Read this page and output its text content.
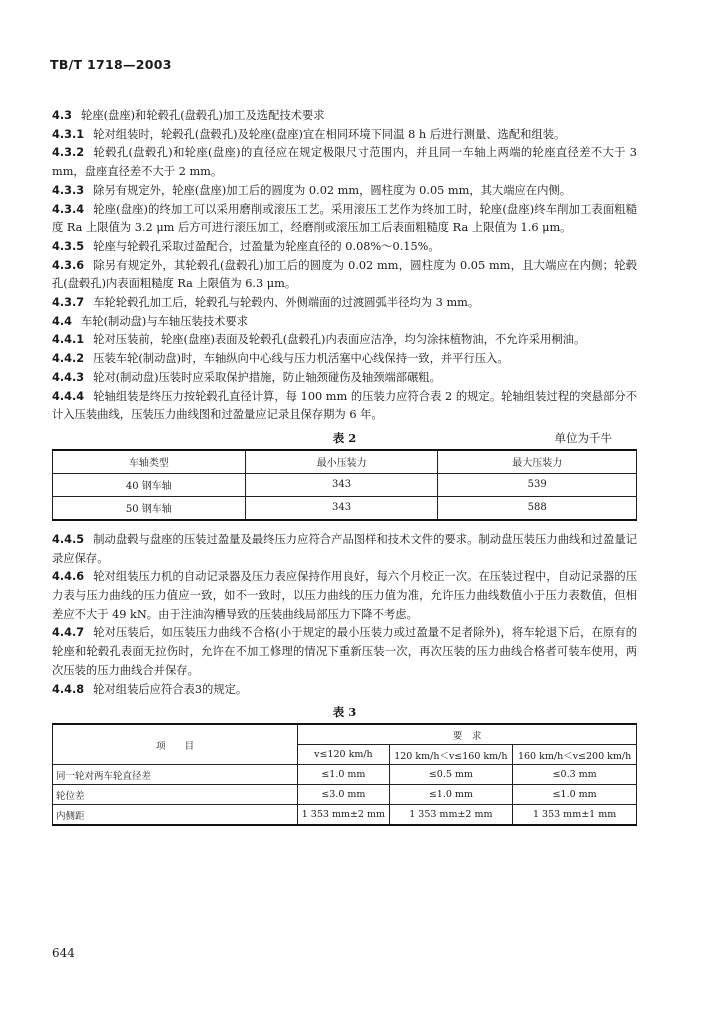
TB/T 1718—2003

4.3 轮座(盘座)和轮毂孔(盘毂孔)加工及选配技术要求

4.3.1 轮对组装时，轮毂孔(盘毂孔)及轮座(盘座)宜在相同环境下同温 8 h 后进行测量、选配和组装。

4.3.2 轮毂孔(盘毂孔)和轮座(盘座)的直径应在规定极限尺寸范围内，并且同一车轴上两端的轮座直径差不大于 3 mm，盘座直径差不大于 2 mm。

4.3.3 除另有规定外，轮座(盘座)加工后的圆度为 0.02 mm，圆柱度为 0.05 mm，其大端应在内侧。

4.3.4 轮座(盘座)的终加工可以采用磨削或滚压工艺。采用滚压工艺作为终加工时，轮座(盘座)终车削加工表面粗糙度 Ra 上限值为 3.2 μm 后方可进行滚压加工，经磨削或滚压加工后表面粗糙度 Ra 上限值为 1.6 μm。

4.3.5 轮座与轮毂孔采取过盈配合，过盈量为轮座直径的 0.08%～0.15%。

4.3.6 除另有规定外，其轮毂孔(盘毂孔)加工后的圆度为 0.02 mm，圆柱度为 0.05 mm，且大端应在内侧；轮毂孔(盘毂孔)内表面粗糙度 Ra 上限值为 6.3 μm。

4.3.7 车轮轮毂孔加工后，轮毂孔与轮毂内、外侧端面的过渡圆弧半径均为 3 mm。

4.4 车轮(制动盘)与车轴压装技术要求

4.4.1 轮对压装前，轮座(盘座)表面及轮毂孔(盘毂孔)内表面应洁净，均匀涂抹植物油，不允许采用桐油。

4.4.2 压装车轮(制动盘)时，车轴纵向中心线与压力机活塞中心线保持一致，并平行压入。

4.4.3 轮对(制动盘)压装时应采取保护措施，防止轴颈碰伤及轴颈端部碾粗。

4.4.4 轮轴组装是终压力按轮毂孔直径计算，每 100 mm 的压装力应符合表 2 的规定。轮轴组装过程的突悬部分不计入压装曲线，压装压力曲线图和过盈量应记录且保存期为 6 年。

表 2	单位为千牛
车轴类型	最小压装力	最大压装力
40 钢车轴	343	539
50 钢车轴	343	588

4.4.5 制动盘毂与盘座的压装过盈量及最终压力应符合产品图样和技术文件的要求。制动盘压装压力曲线和过盈量记录应保存。

4.4.6 轮对组装压力机的自动记录器及压力表应保持作用良好，每六个月校正一次。在压装过程中，自动记录器的压力表与压力曲线的压力值应一致，如不一致时，以压力曲线的压力值为准，允许压力曲线数值小于压力表数值，但相差应不大于 49 kN。由于注油沟槽导致的压装曲线局部压力下降不考虑。

4.4.7 轮对压装后，如压装压力曲线不合格(小于规定的最小压装力或过盈量不足者除外)，将车轮退下后，在原有的轮座和轮毂孔表面无拉伤时，允许在不加工修理的情况下重新压装一次，再次压装的压力曲线合格者可装车使用，两次压装的压力曲线合并保存。

4.4.8 轮对组装后应符合表3的规定。

表 3
项　　目	要　求		
	v≤120 km/h	120 km/h＜v≤160 km/h	160 km/h＜v≤200 km/h
同一轮对两车轮直径差	≤1.0 mm	≤0.5 mm	≤0.3 mm
轮位差	≤3.0 mm	≤1.0 mm	≤1.0 mm
内侧距	1 353 mm±2 mm	1 353 mm±2 mm	1 353 mm±1 mm
644
